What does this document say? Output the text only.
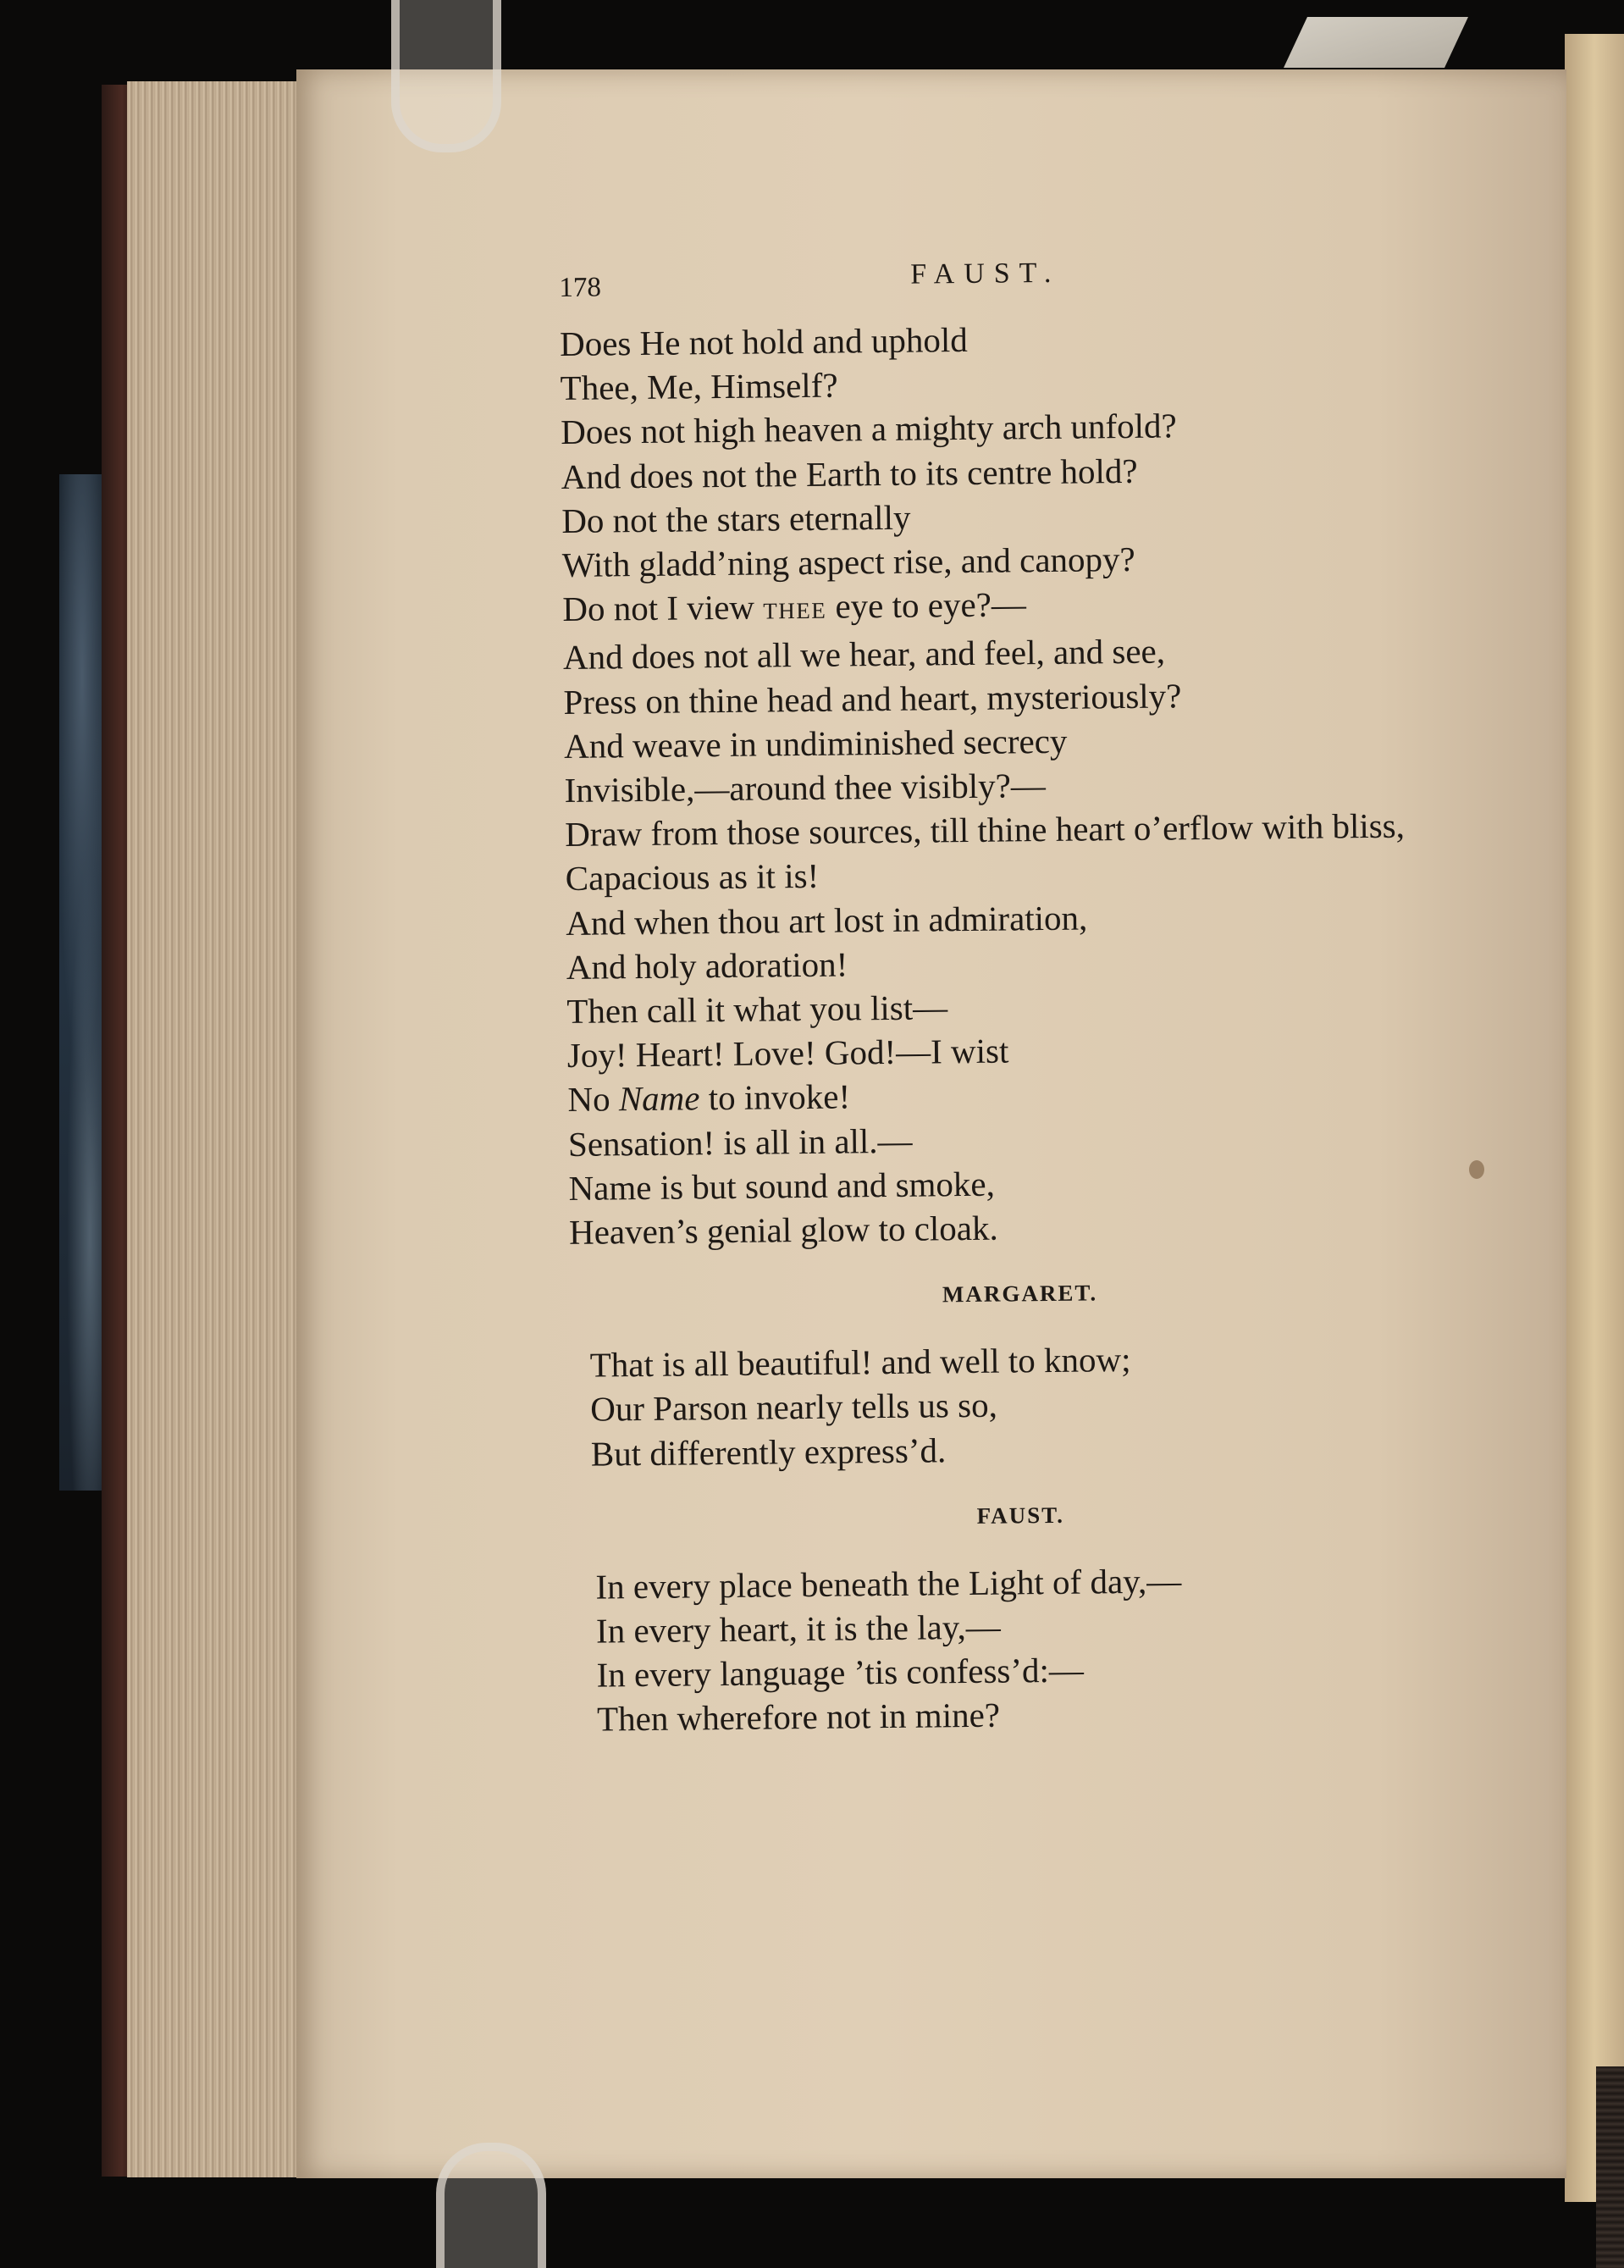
178	FAUST.
Does He not hold and uphold
Thee, Me, Himself?
Does not high heaven a mighty arch unfold?
And does not the Earth to its centre hold?
Do not the stars eternally
With gladd’ning aspect rise, and canopy?
Do not I view THEE eye to eye?—
And does not all we hear, and feel, and see,
Press on thine head and heart, mysteriously?
And weave in undiminished secrecy
Invisible,—around thee visibly?—
Draw from those sources, till thine heart o’erflow with bliss,
Capacious as it is!
And when thou art lost in admiration,
And holy adoration!
Then call it what you list—
Joy! Heart! Love! God!—I wist
No Name to invoke!
Sensation! is all in all.—
Name is but sound and smoke,
Heaven’s genial glow to cloak.
MARGARET.
That is all beautiful! and well to know;
Our Parson nearly tells us so,
But differently express’d.
FAUST.
In every place beneath the Light of day,—
In every heart, it is the lay,—
In every language ’tis confess’d:—
Then wherefore not in mine?
